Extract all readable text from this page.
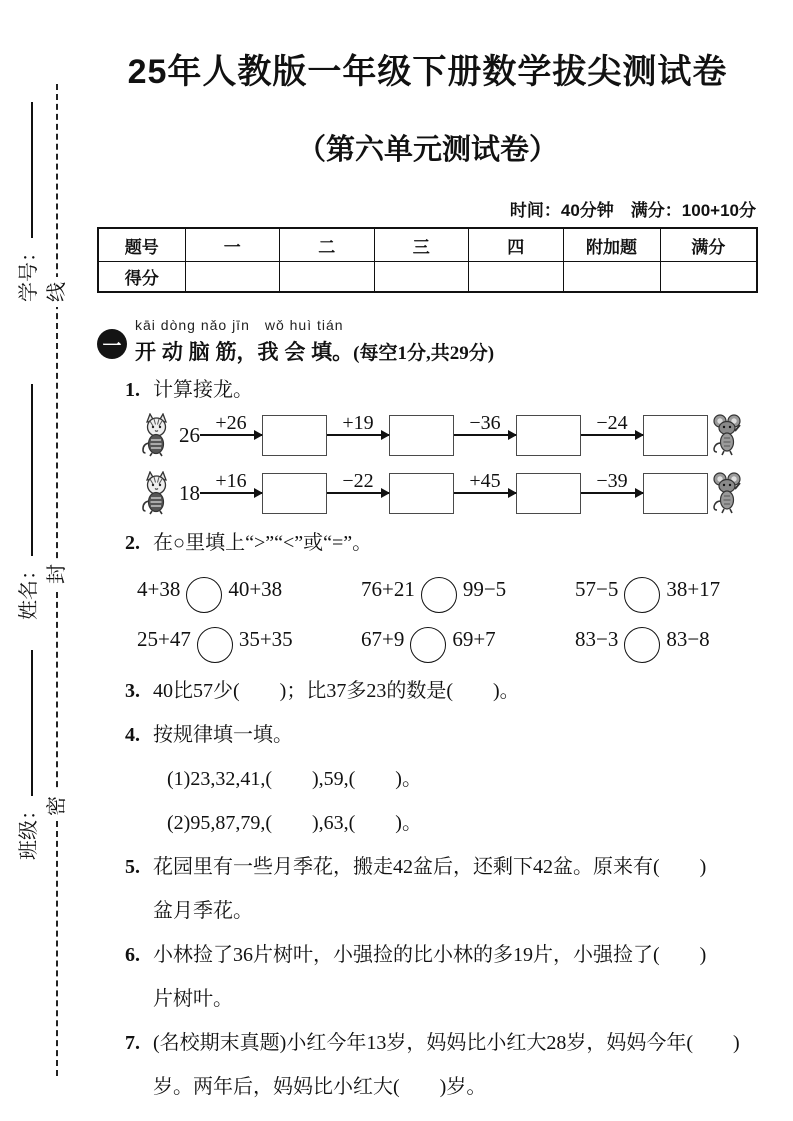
学号：
姓名：
班级：
线
封
密
25年人教版一年级下册数学拔尖测试卷
（第六单元测试卷）
时间：40分钟　满分：100+10分
题号	一	二	三	四	附加题	满分
得分						
一
kāi dòng nǎo jīn　wǒ huì tián
开 动 脑 筋，我 会 填。(每空1分,共29分)
1. 计算接龙。
26 +26	+19	−36	−24
18 +16	−22	+45	−39
2. 在○里填上“>”“<”或“=”。
4+38 40+38	76+21 99−5	57−5 38+17
25+47 35+35	67+9 69+7	83−3 83−8
3. 40比57少(　　)；比37多23的数是(　　)。
4. 按规律填一填。
(1)23,32,41,(　　),59,(　　)。
(2)95,87,79,(　　),63,(　　)。
5. 花园里有一些月季花，搬走42盆后，还剩下42盆。原来有(　　)
盆月季花。
6. 小林捡了36片树叶，小强捡的比小林的多19片，小强捡了(　　)
片树叶。
7. (名校期末真题)小红今年13岁，妈妈比小红大28岁，妈妈今年(　　)
岁。两年后，妈妈比小红大(　　)岁。
